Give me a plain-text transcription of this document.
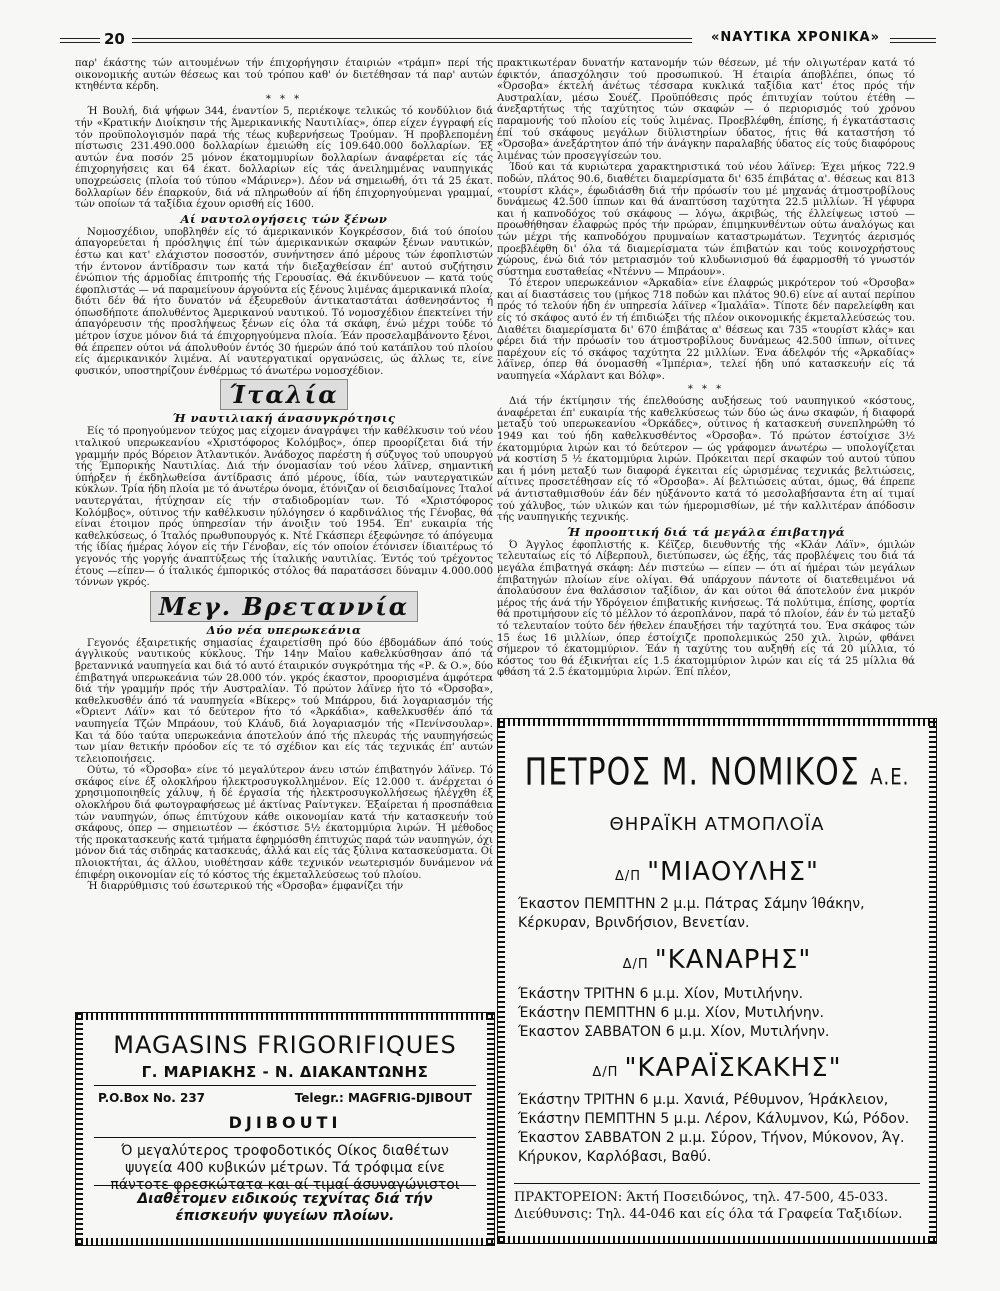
20	«ΝΑΥΤΙΚΑ ΧΡΟΝΙΚΑ»

παρ' έκάστης τών αιτουμένων τήν έπιχορήγησιν έταιριών «τράμπ» περί τής οικονομικής αυτών θέσεως και τού τρόπου καθ' όν διετέθησαν τά παρ' αυτών κτηθέντα κέρδη.

* * *

Ή Βουλή, διά ψήφων 344, έναντίον 5, περιέκοψε τελικώς τό κονδύλιον διά τήν «Κρατικήν Διοίκησιν τής Άμερικανικής Ναυτιλίας», όπερ είχεν έγγραφή είς τόν προϋπολογισμόν παρά τής τέως κυβερνήσεως Τρούμαν. Ή προβλεπομένη πίστωσις 231.490.000 δολλαρίων έμειώθη είς 109.640.000 δολλαρίων. Έξ αυτών ένα ποσόν 25 μόνον έκατομμυρίων δολλαρίων άναφέρεται είς τάς έπιχορηγήσεις και 64 έκατ. δολλαρίων είς τάς άνειλημμένας ναυπηγικάς υποχρεώσεις (πλοία τού τύπου «Μάρινερ»). Δέον νά σημειωθή, ότι τά 25 έκατ. δολλαρίων δέν έπαρκούν, διά νά πληρωθούν αί ήδη έπιχορηγούμεναι γραμμαί, τών οποίων τά ταξίδια έχουν ορισθή είς 1600.

Αί ναυτολογήσεις τών ξένων

Νομοσχέδιον, υποβληθέν είς τό άμερικανικόν Κογκρέσσον, διά τού όποίου άπαγορεύεται ή πρόσληψις έπί τών άμερικανικών σκαφών ξένων ναυτικών, έστω και κατ' ελάχιστον ποσοστόν, συνήντησεν άπό μέρους τών έφοπλιστών τήν έντονον άντίδρασιν των κατά τήν διεξαχθείσαν έπ' αυτού συζήτησιν ένώπιον τής άρμοδίας έπιτροπής τής Γερουσίας. Θά έκινδύνευον — κατά τούς έφοπλιστάς — νά παραμείνουν άργούντα είς ξένους λιμένας άμερικανικά πλοία, διότι δέν θά ήτο δυνατόν νά έξευρεθούν άντικαταστάται άσθενησάντος ή όπωσδήποτε άπολυθέντος Άμερικανού ναυτικού. Τό νομοσχέδιον έπεκτείνει τήν άπαγόρευσιν τής προσλήψεως ξένων είς όλα τά σκάφη, ένώ μέχρι τούδε τό μέτρον ίσχυε μόνον διά τά έπιχορηγούμενα πλοία. Έάν προσελαμβάνοντο ξένοι, θά έπρεπεν ούτοι νά άπολυθούν έντός 30 ήμερών άπό τού κατάπλου τού πλοίου είς άμερικανικόν λιμένα. Αί ναυτεργατικαί οργανώσεις, ώς άλλως τε, είνε φυσικόν, υποστηρίζουν ένθέρμως τό άνωτέρω νομοσχέδιον.

Ίταλία
Ή ναυτιλιακή άνασυγκρότησις

Είς τό προηγούμενον τεύχος μας είχομεν άναγράψει τήν καθέλκυσιν τού νέου ιταλικού υπερωκεανίου «Χριστόφορος Κολόμβος», όπερ προορίζεται διά τήν γραμμήν πρός Βόρειον Άτλαντικόν. Άνάδοχος παρέστη ή σύζυγος τού υπουργού τής Έμπορικής Ναυτιλίας. Διά τήν όνομασίαν τού νέου λάϊνερ, σημαντική ύπήρξεν ή έκδηλωθείσα άντίδρασις άπό μέρους, ίδία, τών ναυτεργατικών κύκλων. Τρία ήδη πλοία με τό άνωτέρω όνομα, έτόνιζαν οί δεισιδαίμονες Ίταλοί ναυτεργάται, ήτύχησαν είς τήν σταδιοδρομίαν των. Τό «Χριστόφορος Κολόμβος», ούτινος τήν καθέλκυσιν ηύλόγησεν ό καρδινάλιος τής Γένοβας, θά είναι έτοιμον πρός ύπηρεσίαν τήν άνοιξιν τού 1954. Έπ' ευκαιρία τής καθελκύσεως, ό Ίταλός πρωθυπουργός κ. Ντέ Γκάσπερι έξεφώνησε τό άπόγευμα τής ίδίας ήμέρας λόγον είς τήν Γένοβαν, είς τόν οποίον έτόνισεν ίδιαιτέρως τό γεγονός τής γοργής άναπτύξεως τής ίταλικής ναυτιλίας. Έντός τού τρέχοντος έτους —είπεν— ό ίταλικός έμπορικός στόλος θά παρατάσσει δύναμιν 4.000.000 τόννων γκρός.

Μεγ. Βρεταννία
Δύο νέα υπερωκεάνια

Γεγονός έξαιρετικής σημασίας έχαιρετίσθη πρό δύο έβδομάδων άπό τούς άγγλικούς ναυτικούς κύκλους. Τήν 14ην Μαΐου καθελκύσθησαν άπό τά βρεταννικά ναυπηγεία και διά τό αυτό έταιρικόν συγκρότημα τής «Ρ. & Ο.», δύο έπιβατηγά υπερωκεάνια τών 28.000 τόν. γκρός έκαστον, προορισμένα άμφότερα διά τήν γραμμήν πρός τήν Αυστραλίαν. Τό πρώτον λάϊνερ ήτο τό «Όρσοβα», καθελκυσθέν άπό τά ναυπηγεία «Βίκερς» τού Μπάρρου, διά λογαριασμόν τής «Όριεντ Λάϊν» και τό δεύτερον ήτο τό «Άρκάδια», καθελκυσθέν άπό τά ναυπηγεία Τζών Μπράουν, τού Κλάυδ, διά λογαριασμόν τής «Πενίνσουλαρ». Και τά δύο ταύτα υπερωκεάνια άποτελούν άπό τής πλευράς τής ναυπηγήσεώς των μίαν θετικήν πρόοδον είς τε τό σχέδιον και είς τάς τεχνικάς έπ' αυτών τελειοποιήσεις.

Ούτω, τό «Όρσοβα» είνε τό μεγαλύτερον άνευ ιστών έπιβατηγόν λάϊνερ. Τό σκάφος είνε έξ ολοκλήρου ήλεκτροσυγκολλημένον. Είς 12.000 τ. άνέρχεται ό χρησιμοποιηθείς χάλυψ, ή δέ έργασία τής ήλεκτροσυγκολλήσεως ήλέγχθη έξ ολοκλήρου διά φωτογραφήσεως μέ άκτίνας Ραίντγκεν. Έξαίρεται ή προσπάθεια τών ναυπηγών, όπως έπιτύχουν κάθε οικονομίαν κατά τήν κατασκευήν τού σκάφους, όπερ — σημειωτέον — έκόστισε 5½ έκατομμύρια λιρών. Ή μέθοδος τής προκατασκευής κατά τμήματα έφηρμόσθη έπιτυχώς παρά τών ναυπηγών, όχι μόνον διά τάς σιδηράς κατασκευάς, άλλά και είς τάς ξύλινα κατασκεύσματα. Οί πλοιοκτήται, άς άλλου, υιοθέτησαν κάθε τεχνικόν νεωτερισμόν δυνάμενον νά έπιφέρη οικονομίαν είς τό κόστος τής έκμεταλλεύσεως τού πλοίου.

Ή διαρρύθμισις τού έσωτερικού τής «Όρσοβα» έμφανίζει τήν

πρακτικωτέραν δυνατήν κατανομήν τών θέσεων, μέ τήν ολιγωτέραν κατά τό έφικτόν, άπασχόλησιν τού προσωπικού. Ή έταιρία άποβλέπει, όπως τό «Όρσοβα» έκτελή άνέτως τέσσαρα κυκλικά ταξίδια κατ' έτος πρός τήν Αυστραλίαν, μέσω Σουέζ. Προϋπόθεσις πρός έπιτυχίαν τούτου έτέθη — άνεξαρτήτως τής ταχύτητος τών σκαφών — ό περιορισμός τού χρόνου παραμονής τού πλοίου είς τούς λιμένας. Προεβλέφθη, έπίσης, ή έγκατάστασις έπί τού σκάφους μεγάλων διϋλιστηρίων ύδατος, ήτις θά καταστήση τό «Όρσοβα» άνεξάρτητον άπό τήν άνάγκην παραλαβής ύδατος είς τούς διαφόρους λιμένας τών προσεγγίσεών του.

Ίδού και τά κυριώτερα χαρακτηριστικά τού νέου λάϊνερ: Έχει μήκος 722.9 ποδών, πλάτος 90.6, διαθέτει διαμερίσματα δι' 635 έπιβάτας α'. θέσεως και 813 «τουρίστ κλάς», έφωδιάσθη διά τήν πρόωσίν του μέ μηχανάς άτμοστροβίλους δυνάμεως 42.500 ίππων και θά άναπτύσση ταχύτητα 22.5 μιλλίων. Ή γέφυρα και ή καπνοδόχος τού σκάφους — λόγω, άκριβώς, τής έλλείψεως ιστού — προωθήθησαν έλαφρώς πρός τήν πρώραν, έπιμηκυνθέντων ούτω άναλόγως και τών μέχρι τής καπνοδόχου πρυμναίων καταστρωμάτων. Τεχνητός άερισμός προεβλέφθη δι' όλα τά διαμερίσματα τών έπιβατών και τούς κοινοχρήστους χώρους, ένώ διά τόν μετριασμόν τού κλυδωνισμού θά έφαρμοσθή τό γνωστόν σύστημα ευσταθείας «Ντέννυ — Μπράουν».

Τό έτερον υπερωκεάνιον «Άρκαδία» είνε έλαφρώς μικρότερον τού «Όρσοβα» και αί διαστάσεις του (μήκος 718 ποδών και πλάτος 90.6) είνε αί αυταί περίπου πρός τό τελούν ήδη έν υπηρεσία λάϊνερ «Ίμαλάϊα». Τίποτε δέν παρελείφθη και είς τό σκάφος αυτό έν τή έπιδιώξει τής πλέον οικονομικής έκμεταλλεύσεώς του. Διαθέτει διαμερίσματα δι' 670 έπιβάτας α' θέσεως και 735 «τουρίστ κλάς» και φέρει διά τήν πρόωσίν του άτμοστροβίλους δυνάμεως 42.500 ίππων, οίτινες παρέχουν είς τό σκάφος ταχύτητα 22 μιλλίων. Ένα άδελφόν τής «Άρκαδίας» λάϊνερ, όπερ θά όνομασθή «Ίμπέρια», τελεί ήδη υπό κατασκευήν είς τά ναυπηγεία «Χάρλαντ και Βόλφ».

* * *

Διά τήν έκτίμησιν τής έπελθούσης αυξήσεως τού ναυπηγικού «κόστους, άναφέρεται έπ' ευκαιρία τής καθελκύσεως τών δύο ώς άνω σκαφών, ή διαφορά μεταξύ τού υπερωκεανίου «Όρκάδες», ούτινος ή κατασκευή συνεπληρώθη τό 1949 και τού ήδη καθελκυσθέντος «Όρσοβα». Τό πρώτον έστοίχισε 3½ έκατομμύρια λιρών και τό δεύτερον — ώς γράφομεν άνωτέρω — υπολογίζεται νά κοστίση 5 ½ έκατομμύρια λιρών. Πρόκειται περί σκαφών τού αυτού τύπου και ή μόνη μεταξύ των διαφορά έγκειται είς ώρισμένας τεχνικάς βελτιώσεις, αίτινες προσετέθησαν είς τό «Όρσοβα». Αί βελτιώσεις αύται, όμως, θά έπρεπε νά άντισταθμισθούν έάν δέν ηύξάνοντο κατά τό μεσολαβήσαντα έτη αί τιμαί τού χάλυβος, τών υλικών και τών ήμερομισθίων, μέ τήν καλλιτέραν άπόδοσιν τής ναυπηγικής τεχνικής.

Ή προοπτική διά τά μεγάλα έπιβατηγά

Ό Άγγλος έφοπλιστής κ. Κέϊζερ, διευθυντής τής «Κλάν Λάϊν», όμιλών τελευταίως είς τό Λίβερπουλ, διετύπωσεν, ώς έξής, τάς προβλέψεις του διά τά μεγάλα έπιβατηγά σκάφη: Δέν πιστεύω — είπεν — ότι αί ήμέραι τών μεγάλων έπιβατηγών πλοίων είνε ολίγαι. Θά υπάρχουν πάντοτε οί διατεθειμένοι νά άπολαύσουν ένα θαλάσσιον ταξίδιον, άν και ούτοι θά άποτελούν ένα μικρόν μέρος τής άνά τήν Υδρόγειον έπιβατικής κινήσεως. Τά πολύτιμα, έπίσης, φορτία θά προτιμήσουν είς τό μέλλον τό άεροπλάνον, παρά τό πλοίον, έάν έν τώ μεταξύ τό τελευταίον τούτο δέν ήθελεν έπαυξήσει τήν ταχύτητά του. Ένα σκάφος τών 15 έως 16 μιλλίων, όπερ έστοίχιζε προπολεμικώς 250 χιλ. λιρών, φθάνει σήμερον τό έκατομμύριον. Έάν ή ταχύτης του αυξηθή είς τά 20 μίλλια, τό κόστος του θά έξικνήται είς 1.5 έκατομμύριον λιρών και είς τά 25 μίλλια θά φθάση τά 2.5 έκατομμύρια λιρών. Έπί πλέον,

MAGASINS FRIGORIFIQUES
Γ. ΜΑΡΙΑΚΗΣ - Ν. ΔΙΑΚΑΝΤΩΝΗΣ
P.O.Box No. 237	Telegr.: MAGFRIG-DJIBOUT
DJIBOUTI
Ό μεγαλύτερος τροφοδοτικός Οίκος διαθέτων ψυγεία 400 κυβικών μέτρων. Τά τρόφιμα είνε πάντοτε φρεσκώτατα και αί τιμαί άσυναγώνιστοι
Διαθέτομεν ειδικούς τεχνίτας διά τήν έπισκευήν ψυγείων πλοίων.
ΠΕΤΡΟΣ Μ. ΝΟΜΙΚΟΣ Α.Ε.
ΘΗΡΑΪΚΗ ΑΤΜΟΠΛΟΪΑ
Δ/Π "ΜΙΑΟΥΛΗΣ"
Έκαστον ΠΕΜΠΤΗΝ 2 μ.μ. Πάτρας Σάμην Ίθάκην, Κέρκυραν, Βρινδήσιον, Βενετίαν.
Δ/Π "ΚΑΝΑΡΗΣ"
Έκάστην ΤΡΙΤΗΝ 6 μ.μ. Χίον, Μυτιλήνην.
Έκάστην ΠΕΜΠΤΗΝ 6 μ.μ. Χίον, Μυτιλήνην.
Έκαστον ΣΑΒΒΑΤΟΝ 6 μ.μ. Χίον, Μυτιλήνην.
Δ/Π "ΚΑΡΑΪΣΚΑΚΗΣ"
Έκάστην ΤΡΙΤΗΝ 6 μ.μ. Χανιά, Ρέθυμνον, Ήράκλειον,
Έκάστην ΠΕΜΠΤΗΝ 5 μ.μ. Λέρον, Κάλυμνον, Κώ, Ρόδον.
Έκαστον ΣΑΒΒΑΤΟΝ 2 μ.μ. Σύρον, Τήνον, Μύκονον, Άγ. Κήρυκον, Καρλόβασι, Βαθύ.
ΠΡΑΚΤΟΡΕΙΟΝ: Άκτή Ποσειδώνος, τηλ. 47-500, 45-033.
Διεύθυνσις: Τηλ. 44-046 και είς όλα τά Γραφεία Ταξιδίων.
